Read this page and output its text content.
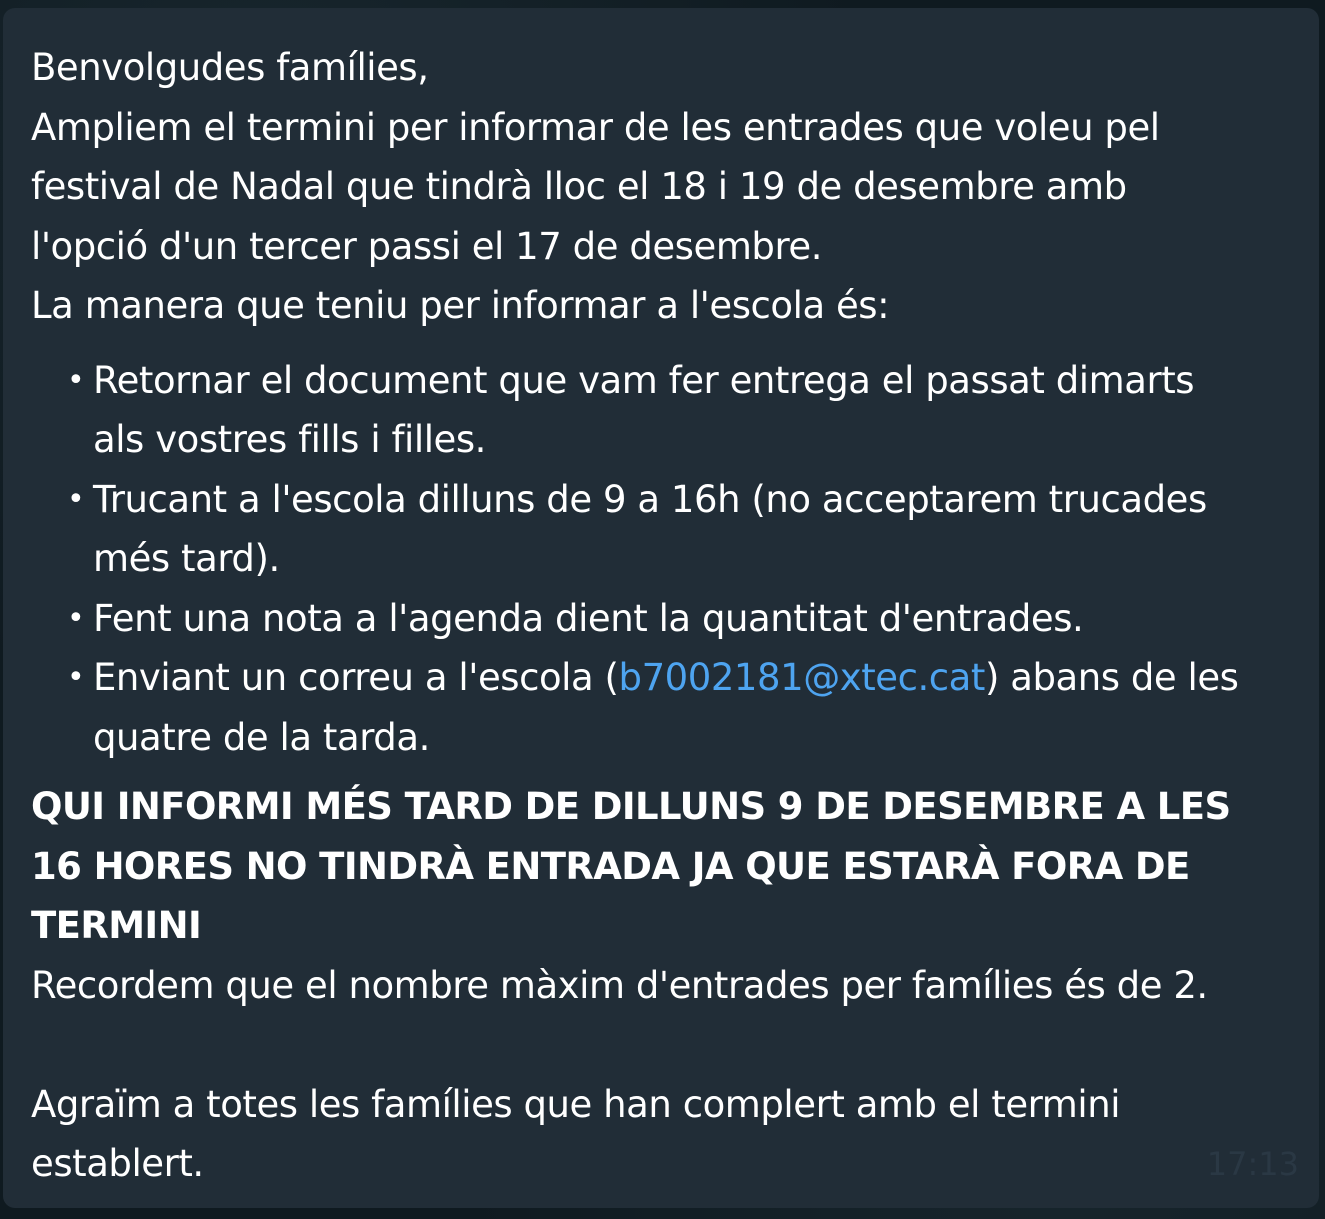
Benvolgudes famílies,
Ampliem el termini per informar de les entrades que voleu pel
festival de Nadal que tindrà lloc el 18 i 19 de desembre amb
l'opció d'un tercer passi el 17 de desembre.
La manera que teniu per informar a l'escola és:
• Retornar el document que vam fer entrega el passat dimarts
als vostres fills i filles.
• Trucant a l'escola dilluns de 9 a 16h (no acceptarem trucades
més tard).
• Fent una nota a l'agenda dient la quantitat d'entrades.
• Enviant un correu a l'escola (b7002181@xtec.cat) abans de les
quatre de la tarda.
QUI INFORMI MÉS TARD DE DILLUNS 9 DE DESEMBRE A LES
16 HORES NO TINDRÀ ENTRADA JA QUE ESTARÀ FORA DE
TERMINI
Recordem que el nombre màxim d'entrades per famílies és de 2.
Agraïm a totes les famílies que han complert amb el termini
establert.	17:13
